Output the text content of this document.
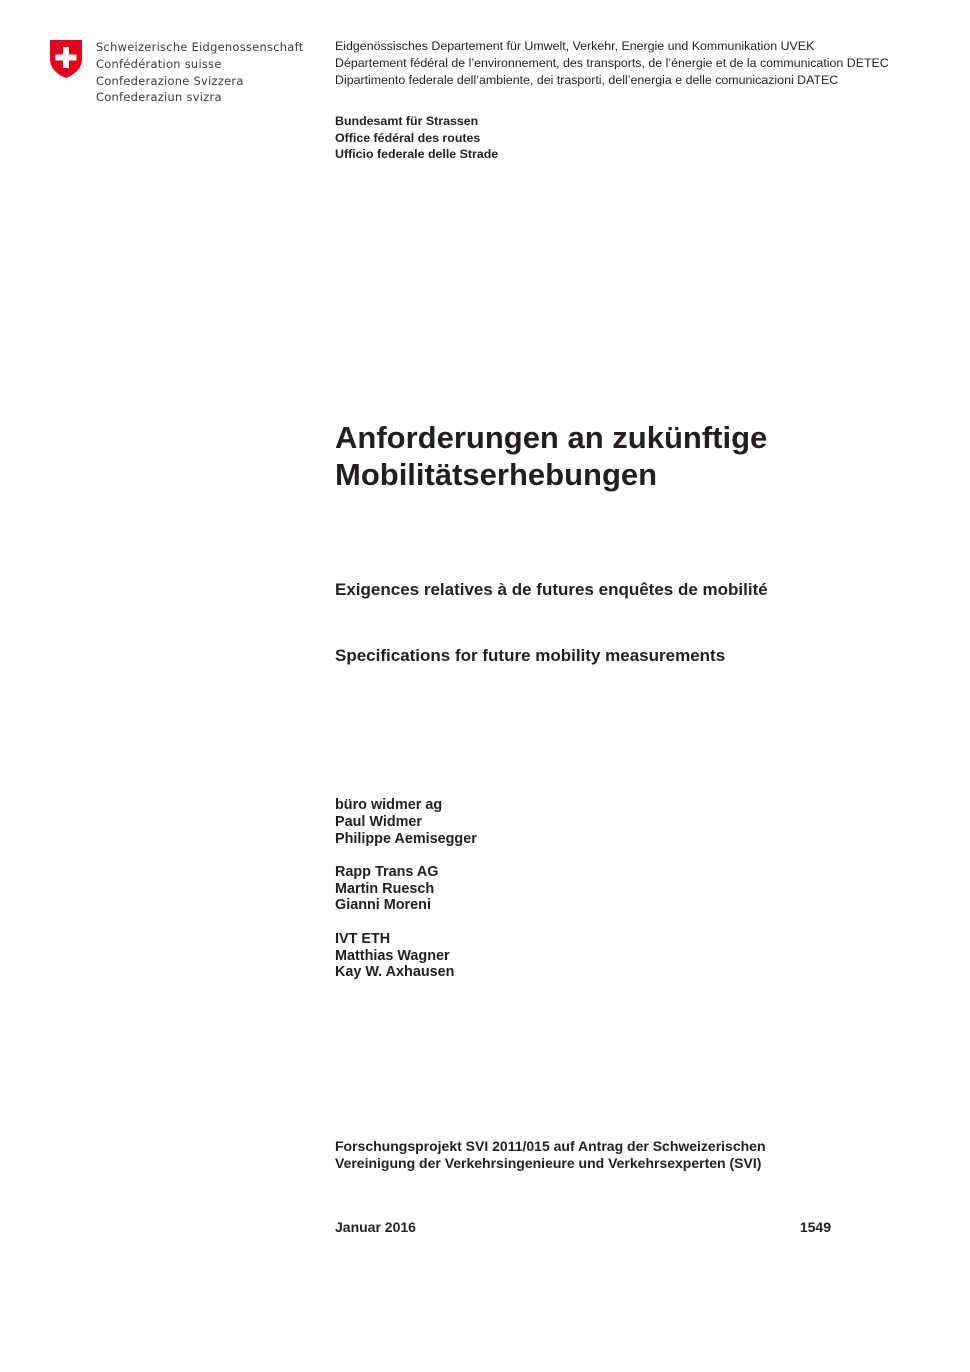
Schweizerische Eidgenossenschaft
Confédération suisse
Confederazione Svizzera
Confederaziun svizra
Eidgenössisches Departement für Umwelt, Verkehr, Energie und Kommunikation UVEK
Département fédéral de l’environnement, des transports, de l’énergie et de la communication DETEC
Dipartimento federale dell’ambiente, dei trasporti, dell’energia e delle comunicazioni DATEC
Bundesamt für Strassen
Office fédéral des routes
Ufficio federale delle Strade
Anforderungen an zukünftige
Mobilitätserhebungen
Exigences relatives à de futures enquêtes de mobilité
Specifications for future mobility measurements
büro widmer ag
Paul Widmer
Philippe Aemisegger
Rapp Trans AG
Martin Ruesch
Gianni Moreni
IVT ETH
Matthias Wagner
Kay W. Axhausen
Forschungsprojekt SVI 2011/015 auf Antrag der Schweizerischen
Vereinigung der Verkehrsingenieure und Verkehrsexperten (SVI)
Januar 2016	1549
